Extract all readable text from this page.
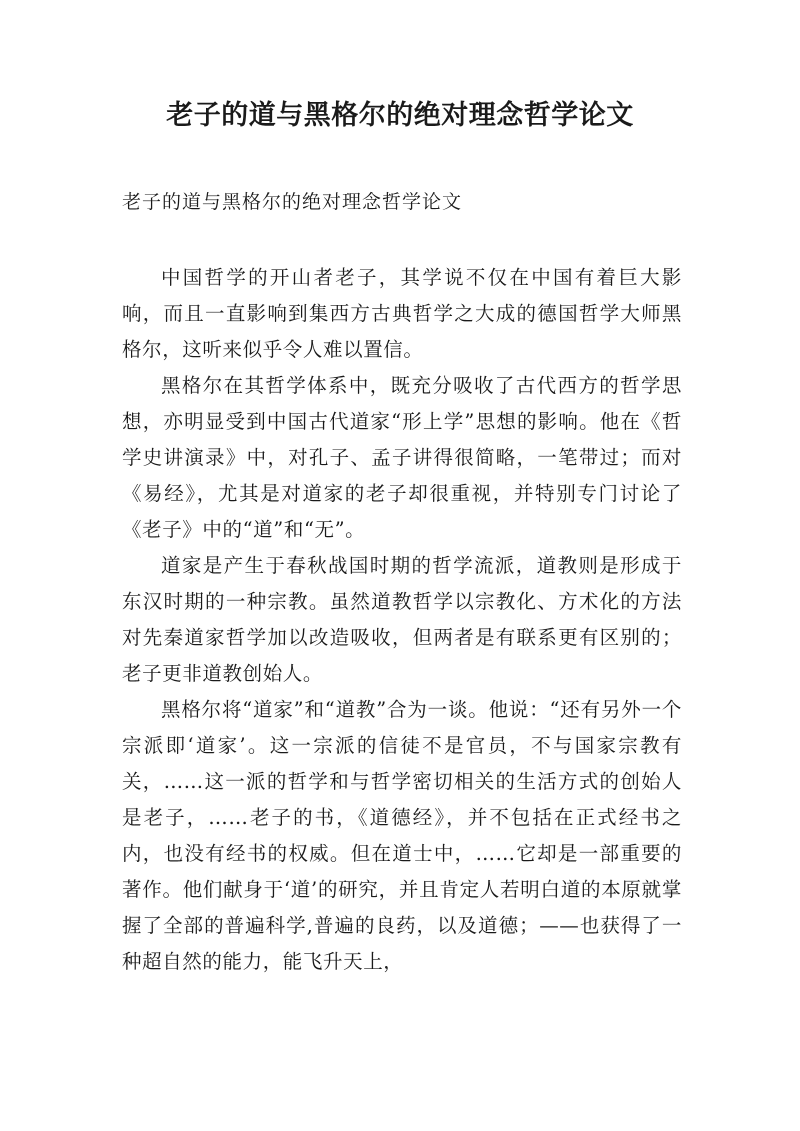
老子的道与黑格尔的绝对理念哲学论文

老子的道与黑格尔的绝对理念哲学论文

中国哲学的开山者老子，其学说不仅在中国有着巨大影响，而且一直影响到集西方古典哲学之大成的德国哲学大师黑格尔，这听来似乎令人难以置信。

黑格尔在其哲学体系中，既充分吸收了古代西方的哲学思想，亦明显受到中国古代道家“形上学”思想的影响。他在《哲学史讲演录》中，对孔子、孟子讲得很简略，一笔带过；而对《易经》，尤其是对道家的老子却很重视，并特别专门讨论了《老子》中的“道”和“无”。

道家是产生于春秋战国时期的哲学流派，道教则是形成于东汉时期的一种宗教。虽然道教哲学以宗教化、方术化的方法对先秦道家哲学加以改造吸收，但两者是有联系更有区别的；老子更非道教创始人。

黑格尔将“道家”和“道教”合为一谈。他说：“还有另外一个宗派即‘道家’。这一宗派的信徒不是官员，不与国家宗教有关，……这一派的哲学和与哲学密切相关的生活方式的创始人是老子，……老子的书，《道德经》，并不包括在正式经书之内，也没有经书的权威。但在道士中，……它却是一部重要的著作。他们献身于‘道’的研究，并且肯定人若明白道的本原就掌握了全部的普遍科学,普遍的良药，以及道德；——也获得了一种超自然的能力，能飞升天上，
